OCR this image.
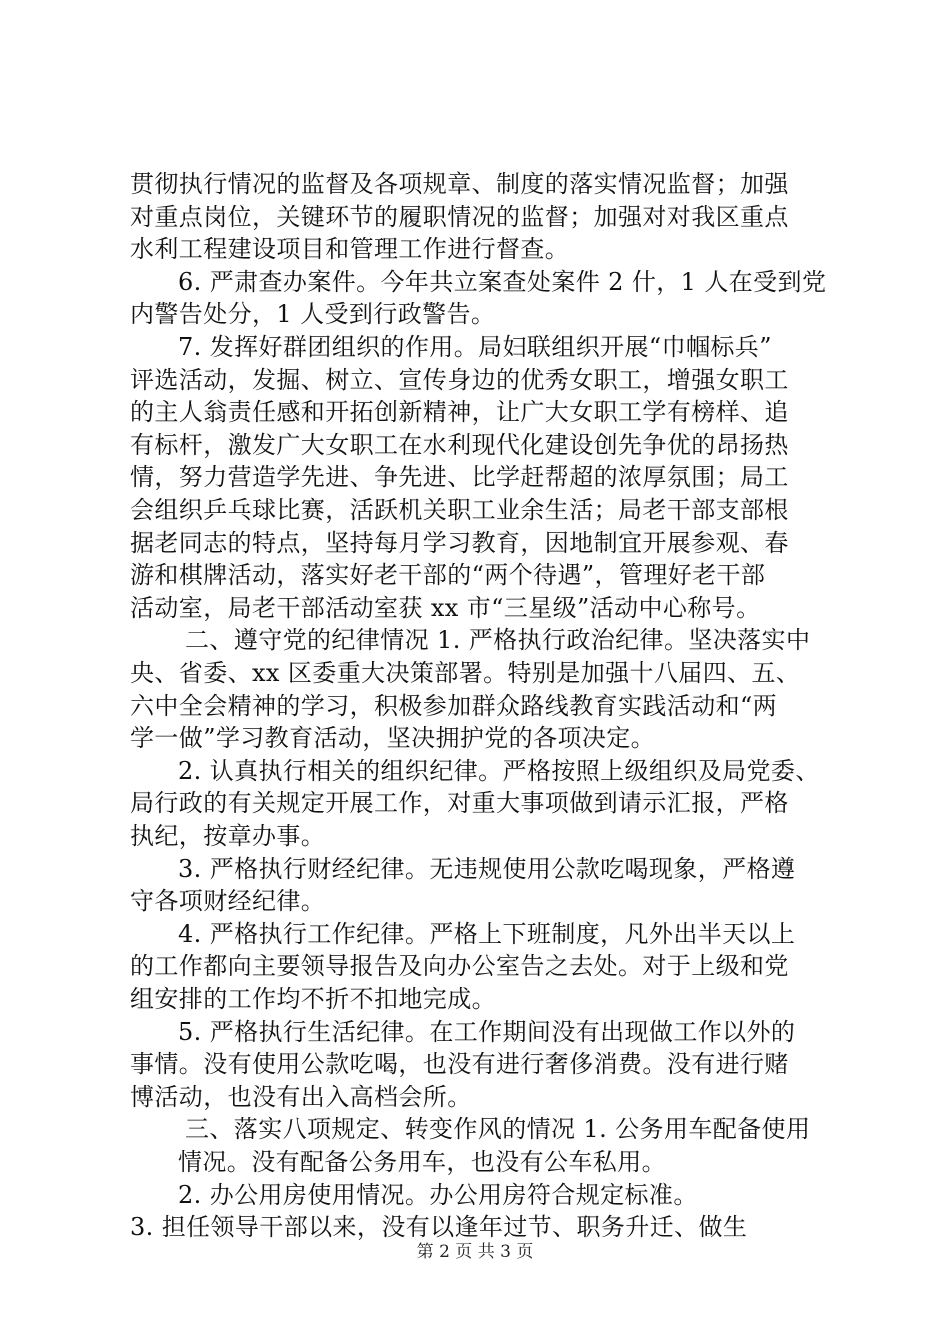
贯彻执行情况的监督及各项规章、制度的落实情况监督；加强
对重点岗位，关键环节的履职情况的监督；加强对对我区重点
水利工程建设项目和管理工作进行督查。
6. 严肃查办案件。今年共立案查处案件 2 什，1 人在受到党
内警告处分，1 人受到行政警告。
7. 发挥好群团组织的作用。局妇联组织开展“巾帼标兵”
评选活动，发掘、树立、宣传身边的优秀女职工，增强女职工
的主人翁责任感和开拓创新精神，让广大女职工学有榜样、追
有标杆，激发广大女职工在水利现代化建设创先争优的昂扬热
情，努力营造学先进、争先进、比学赶帮超的浓厚氛围；局工
会组织乒乓球比赛，活跃机关职工业余生活；局老干部支部根
据老同志的特点，坚持每月学习教育，因地制宜开展参观、春
游和棋牌活动，落实好老干部的“两个待遇”，管理好老干部
活动室，局老干部活动室获 xx 市“三星级”活动中心称号。
二、遵守党的纪律情况 1. 严格执行政治纪律。坚决落实中
央、省委、xx 区委重大决策部署。特别是加强十八届四、五、
六中全会精神的学习，积极参加群众路线教育实践活动和“两
学一做”学习教育活动，坚决拥护党的各项决定。
2. 认真执行相关的组织纪律。严格按照上级组织及局党委、
局行政的有关规定开展工作，对重大事项做到请示汇报，严格
执纪，按章办事。
3. 严格执行财经纪律。无违规使用公款吃喝现象，严格遵
守各项财经纪律。
4. 严格执行工作纪律。严格上下班制度，凡外出半天以上
的工作都向主要领导报告及向办公室告之去处。对于上级和党
组安排的工作均不折不扣地完成。
5. 严格执行生活纪律。在工作期间没有出现做工作以外的
事情。没有使用公款吃喝，也没有进行奢侈消费。没有进行赌
博活动，也没有出入高档会所。
三、落实八项规定、转变作风的情况 1. 公务用车配备使用
情况。没有配备公务用车，也没有公车私用。
2. 办公用房使用情况。办公用房符合规定标准。
3. 担任领导干部以来，没有以逢年过节、职务升迁、做生
第 2 页 共 3 页
